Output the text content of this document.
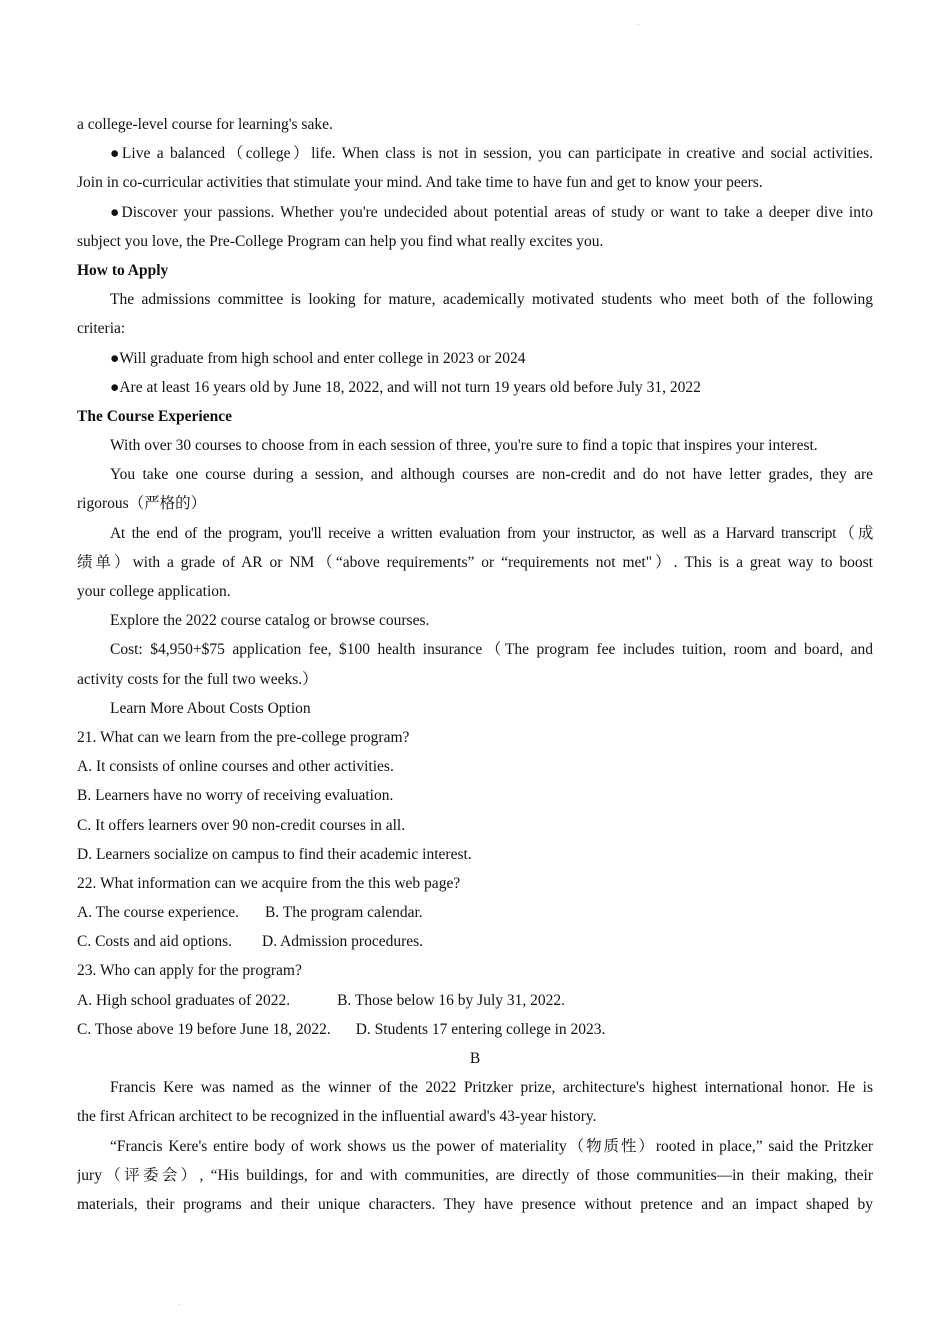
.
.
a college-level course for learning's sake.
●Live a balanced（college）life. When class is not in session, you can participate in creative and social activities.
Join in co-curricular activities that stimulate your mind. And take time to have fun and get to know your peers.
●Discover your passions. Whether you're undecided about potential areas of study or want to take a deeper dive into
subject you love, the Pre-College Program can help you find what really excites you.
How to Apply
The admissions committee is looking for mature, academically motivated students who meet both of the following
criteria:
●Will graduate from high school and enter college in 2023 or 2024
●Are at least 16 years old by June 18, 2022, and will not turn 19 years old before July 31, 2022
The Course Experience
With over 30 courses to choose from in each session of three, you're sure to find a topic that inspires your interest.
You take one course during a session, and although courses are non-credit and do not have letter grades, they are
rigorous（严格的）
At the end of the program, you'll receive a written evaluation from your instructor, as well as a Harvard transcript（成
绩单）with a grade of AR or NM（“above requirements” or “requirements not met"）. This is a great way to boost
your college application.
Explore the 2022 course catalog or browse courses.
Cost: $4,950+$75 application fee, $100 health insurance（The program fee includes tuition, room and board, and
activity costs for the full two weeks.）
Learn More About Costs Option
21. What can we learn from the pre-college program?
A. It consists of online courses and other activities.
B. Learners have no worry of receiving evaluation.
C. It offers learners over 90 non-credit courses in all.
D. Learners socialize on campus to find their academic interest.
22. What information can we acquire from the this web page?
A. The course experience. B. The program calendar.
C. Costs and aid options. D. Admission procedures.
23. Who can apply for the program?
A. High school graduates of 2022.	B. Those below 16 by July 31, 2022.
C. Those above 19 before June 18, 2022. D. Students 17 entering college in 2023.
B
Francis Kere was named as the winner of the 2022 Pritzker prize, architecture's highest international honor. He is
the first African architect to be recognized in the influential award's 43-year history.
“Francis Kere's entire body of work shows us the power of materiality（物质性）rooted in place,” said the Pritzker
jury（评委会）, “His buildings, for and with communities, are directly of those communities—in their making, their
materials, their programs and their unique characters. They have presence without pretence and an impact shaped by
